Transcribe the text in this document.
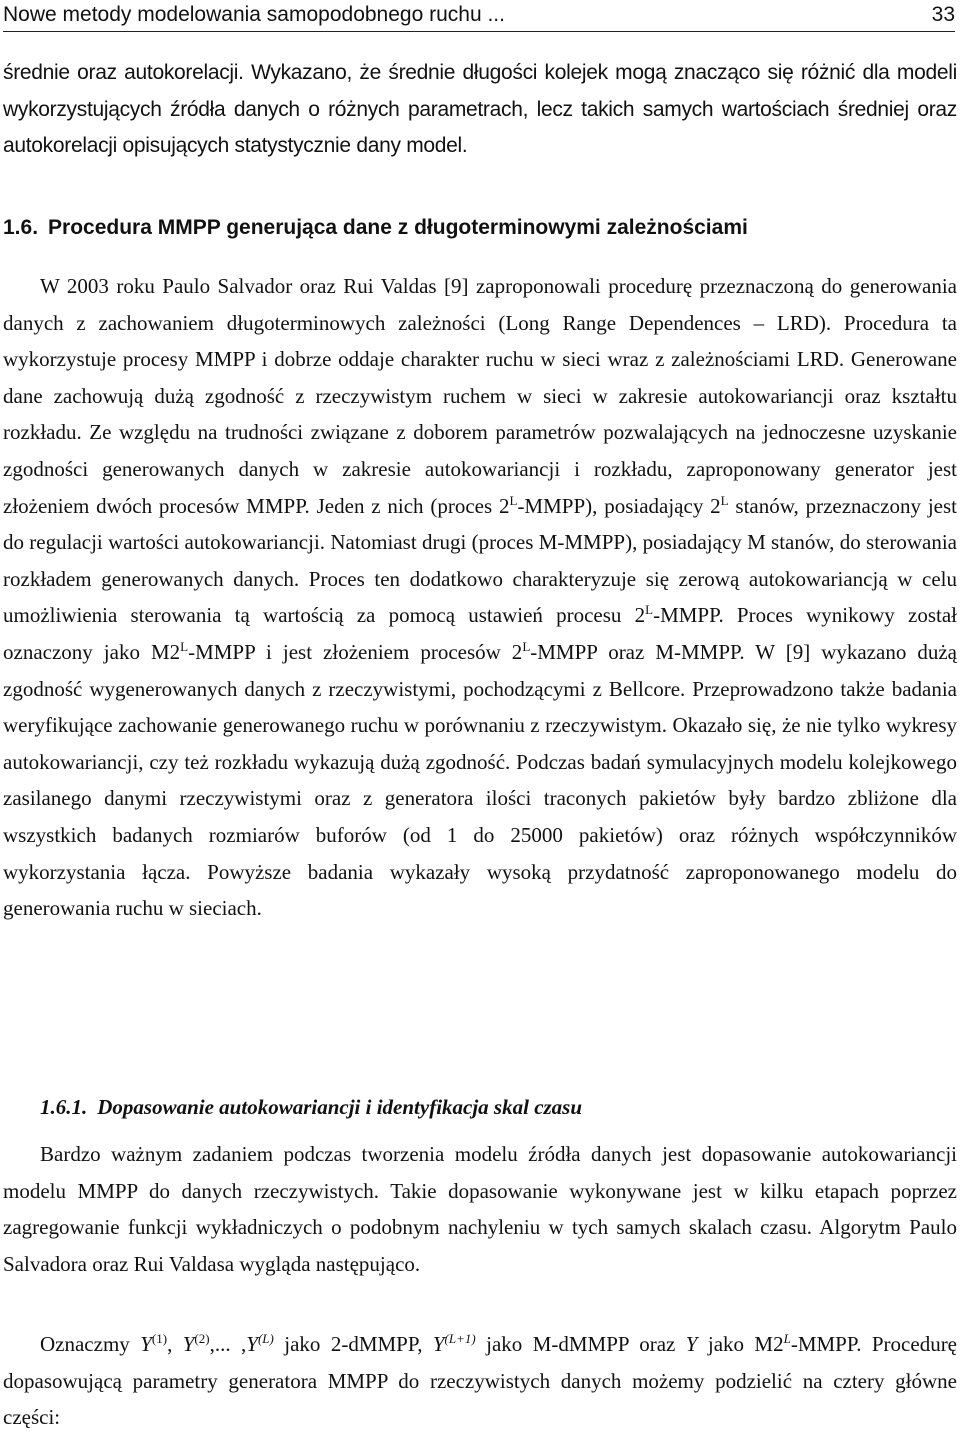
Nowe metody modelowania samopodobnego ruchu ...	33

średnie oraz autokorelacji. Wykazano, że średnie długości kolejek mogą znacząco się różnić dla modeli wykorzystujących źródła danych o różnych parametrach, lecz takich samych wartościach średniej oraz autokorelacji opisujących statystycznie dany model.

1.6. Procedura MMPP generująca dane z długoterminowymi zależnościami

W 2003 roku Paulo Salvador oraz Rui Valdas [9] zaproponowali procedurę przeznaczoną do generowania danych z zachowaniem długoterminowych zależności (Long Range Dependences – LRD). Procedura ta wykorzystuje procesy MMPP i dobrze oddaje charakter ruchu w sieci wraz z zależnościami LRD. Generowane dane zachowują dużą zgodność z rzeczywistym ruchem w sieci w zakresie autokowariancji oraz kształtu rozkładu. Ze względu na trudności związane z doborem parametrów pozwalających na jednoczesne uzyskanie zgodności generowanych danych w zakresie autokowariancji i rozkładu, zaproponowany generator jest złożeniem dwóch procesów MMPP. Jeden z nich (proces $2^L-MMPP$), posiadający $2^L$ stanów, przeznaczony jest do regulacji wartości autokowariancji. Natomiast drugi (proces M-MMPP), posiadający M stanów, do sterowania rozkładem generowanych danych. Proces ten dodatkowo charakteryzuje się zerową autokowariancją w celu umożliwienia sterowania tą wartością za pomocą ustawień procesu $2^L$-MMPP. Proces wynikowy został oznaczony jako $M2^L$-MMPP i jest złożeniem procesów $2^L$-MMPP oraz M-MMPP. W [9] wykazano dużą zgodność wygenerowanych danych z rzeczywistymi, pochodzącymi z Bellcore. Przeprowadzono także badania weryfikujące zachowanie generowanego ruchu w porównaniu z rzeczywistym. Okazało się, że nie tylko wykresy autokowariancji, czy też rozkładu wykazują dużą zgodność. Podczas badań symulacyjnych modelu kolejkowego zasilanego danymi rzeczywistymi oraz z generatora ilości traconych pakietów były bardzo zbliżone dla wszystkich badanych rozmiarów buforów (od 1 do 25000 pakietów) oraz różnych współczynników wykorzystania łącza. Powyższe badania wykazały wysoką przydatność zaproponowanego modelu do generowania ruchu w sieciach.

1.6.1. Dopasowanie autokowariancji i identyfikacja skal czasu

Bardzo ważnym zadaniem podczas tworzenia modelu źródła danych jest dopasowanie autokowariancji modelu MMPP do danych rzeczywistych. Takie dopasowanie wykonywane jest w kilku etapach poprzez zagregowanie funkcji wykładniczych o podobnym nachyleniu w tych samych skalach czasu. Algorytm Paulo Salvadora oraz Rui Valdasa wygląda następująco.

Oznaczmy $Y^{(1)}$, $Y^{(2)}$,... $,Y^{(L)}$ jako 2-dMMPP, $Y^{(L+1)}$ jako M-dMMPP oraz Y jako $M2^L$-MMPP. Procedurę dopasowującą parametry generatora MMPP do rzeczywistych danych możemy podzielić na cztery główne części:
